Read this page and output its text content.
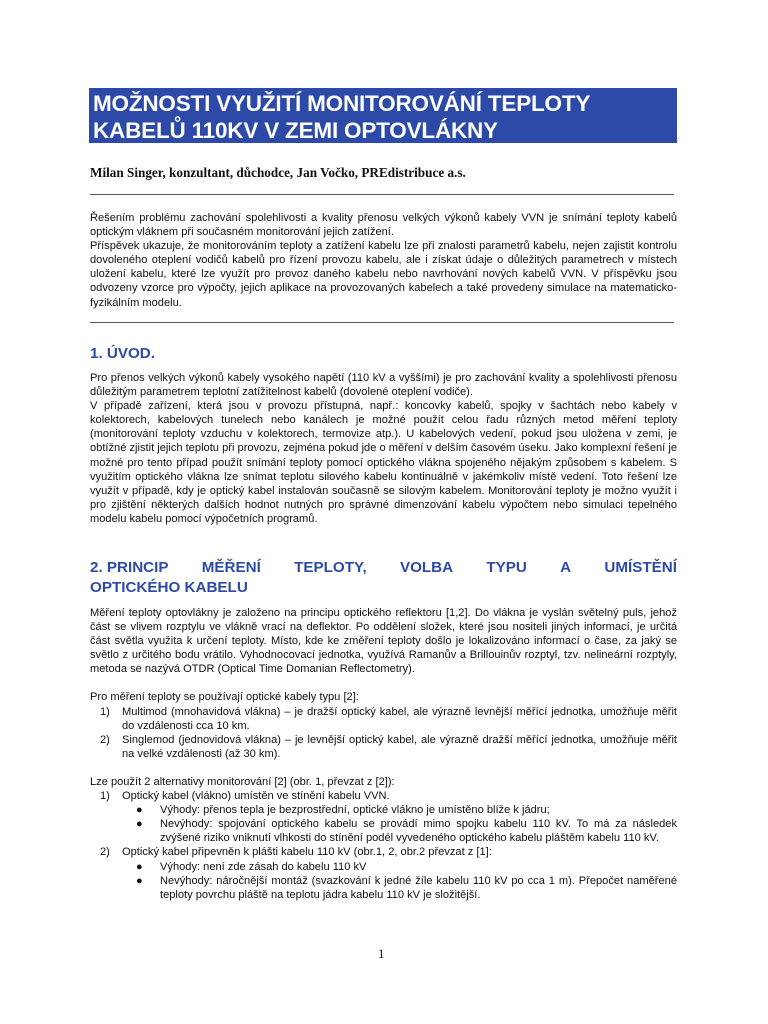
MOŽNOSTI VYUŽITÍ MONITOROVÁNÍ TEPLOTY
KABELŮ 110KV V ZEMI OPTOVLÁKNY
Milan Singer, konzultant, důchodce, Jan Vočko, PREdistribuce a.s.

Řešením problému zachování spolehlivosti a kvality přenosu velkých výkonů kabely VVN je snímání teploty kabelů optickým vláknem při současném monitorování jejich zatížení.

Příspěvek ukazuje, že monitorováním teploty a zatížení kabelu lze při znalosti parametrů kabelu, nejen zajistit kontrolu dovoleného oteplení vodičů kabelů pro řízení provozu kabelu, ale i získat údaje o důležitých parametrech v místech uložení kabelu, které lze využít pro provoz daného kabelu nebo navrhování nových kabelů VVN. V příspěvku jsou odvozeny vzorce pro výpočty, jejich aplikace na provozovaných kabelech a také provedeny simulace na matematicko-fyzikálním modelu.

1. ÚVOD.

Pro přenos velkých výkonů kabely vysokého napětí (110 kV a vyššími) je pro zachování kvality a spolehlivosti přenosu důležitým parametrem teplotní zatížitelnost kabelů (dovolené oteplení vodiče).

V případě zařízení, která jsou v provozu přístupná, např.: koncovky kabelů, spojky v šachtách nebo kabely v kolektorech, kabelových tunelech nebo kanálech je možné použít celou řadu různých metod měření teploty (monitorování teploty vzduchu v kolektorech, termovize atp.). U kabelových vedení, pokud jsou uložena v zemi, je obtížné zjistit jejich teplotu při provozu, zejména pokud jde o měření v delším časovém úseku. Jako komplexní řešení je možné pro tento případ použít snímání teploty pomocí optického vlákna spojeného nějakým způsobem s kabelem. S využitím optického vlákna lze snímat teplotu silového kabelu kontinuálně v jakémkoliv místě vedení. Toto řešení lze využít v případě, kdy je optický kabel instalován současně se silovým kabelem. Monitorování teploty je možno využít i pro zjištění některých dalších hodnot nutných pro správné dimenzování kabelu výpočtem nebo simulaci tepelného modelu kabelu pomocí výpočetních programů.

2. PRINCIP MĚŘENÍ TEPLOTY, VOLBA TYPU A UMÍSTĚNÍ
OPTICKÉHO KABELU

Měření teploty optovlákny je založeno na principu optického reflektoru [1,2]. Do vlákna je vyslán světelný puls, jehož část se vlivem rozptylu ve vlákně vrací na deflektor. Po oddělení složek, které jsou nositeli jiných informací, je určitá část světla využita k určení teploty. Místo, kde ke změření teploty došlo je lokalizováno informací o čase, za jaký se světlo z určitého bodu vrátilo. Vyhodnocovací jednotka, využívá Ramanův a Brillouinův rozptyl, tzv. nelineární rozptyly, metoda se nazývá OTDR (Optical Time Domanian Reflectometry).

Pro měření teploty se používají optické kabely typu [2]:

1) Multimod (mnohavidová vlákna) – je dražší optický kabel, ale výrazně levnější měřící jednotka, umožňuje měřit do vzdálenosti cca 10 km.
2) Singlemod (jednovidová vlákna) – je levnější optický kabel, ale výrazně dražší měřící jednotka, umožňuje měřit na velké vzdálenosti (až 30 km).

Lze použít 2 alternativy monitorování [2] (obr. 1, převzat z [2]):

1) Optický kabel (vlákno) umístěn ve stínění kabelu VVN.
● Výhody: přenos tepla je bezprostřední, optické vlákno je umístěno blíže k jádru;
● Nevýhody: spojování optického kabelu se provádí mimo spojku kabelu 110 kV. To má za následek zvýšené riziko vniknutí vlhkosti do stínění podél vyvedeného optického kabelu pláštěm kabelu 110 kV.
2) Optický kabel připevněn k plášti kabelu 110 kV (obr.1, 2, obr.2 převzat z [1]:
● Výhody: není zde zásah do kabelu 110 kV
● Nevýhody: náročnější montáž (svazkování k jedné žíle kabelu 110 kV po cca 1 m). Přepočet naměřené teploty povrchu pláště na teplotu jádra kabelu 110 kV je složitější.
1
